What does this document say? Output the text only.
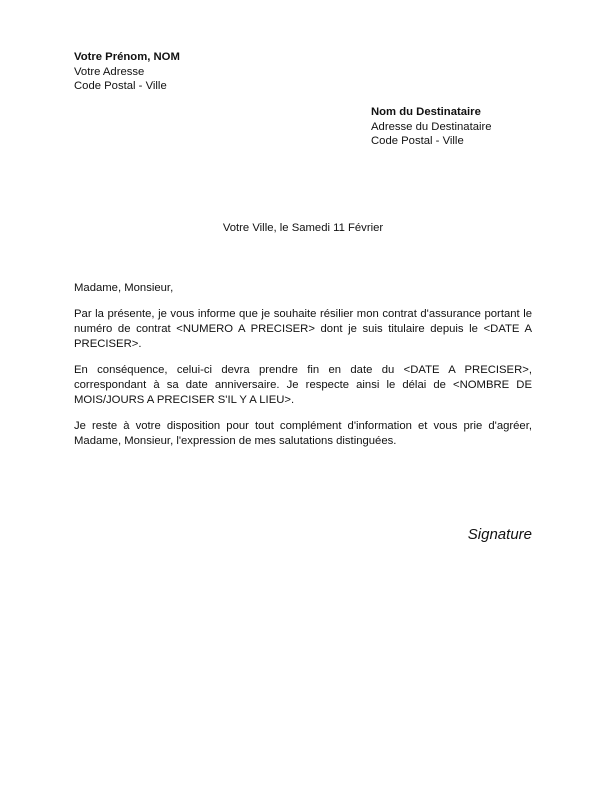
Votre Prénom, NOM
Votre Adresse
Code Postal - Ville
Nom du Destinataire
Adresse du Destinataire
Code Postal - Ville
Votre Ville, le Samedi 11 Février

Madame, Monsieur,

Par la présente, je vous informe que je souhaite résilier mon contrat d'assurance portant le numéro de contrat <NUMERO A PRECISER> dont je suis titulaire depuis le <DATE A PRECISER>.

En conséquence, celui-ci devra prendre fin en date du <DATE A PRECISER>, correspondant à sa date anniversaire. Je respecte ainsi le délai de <NOMBRE DE MOIS/JOURS A PRECISER S'IL Y A LIEU>.

Je reste à votre disposition pour tout complément d'information et vous prie d'agréer, Madame, Monsieur, l'expression de mes salutations distinguées.

Signature
